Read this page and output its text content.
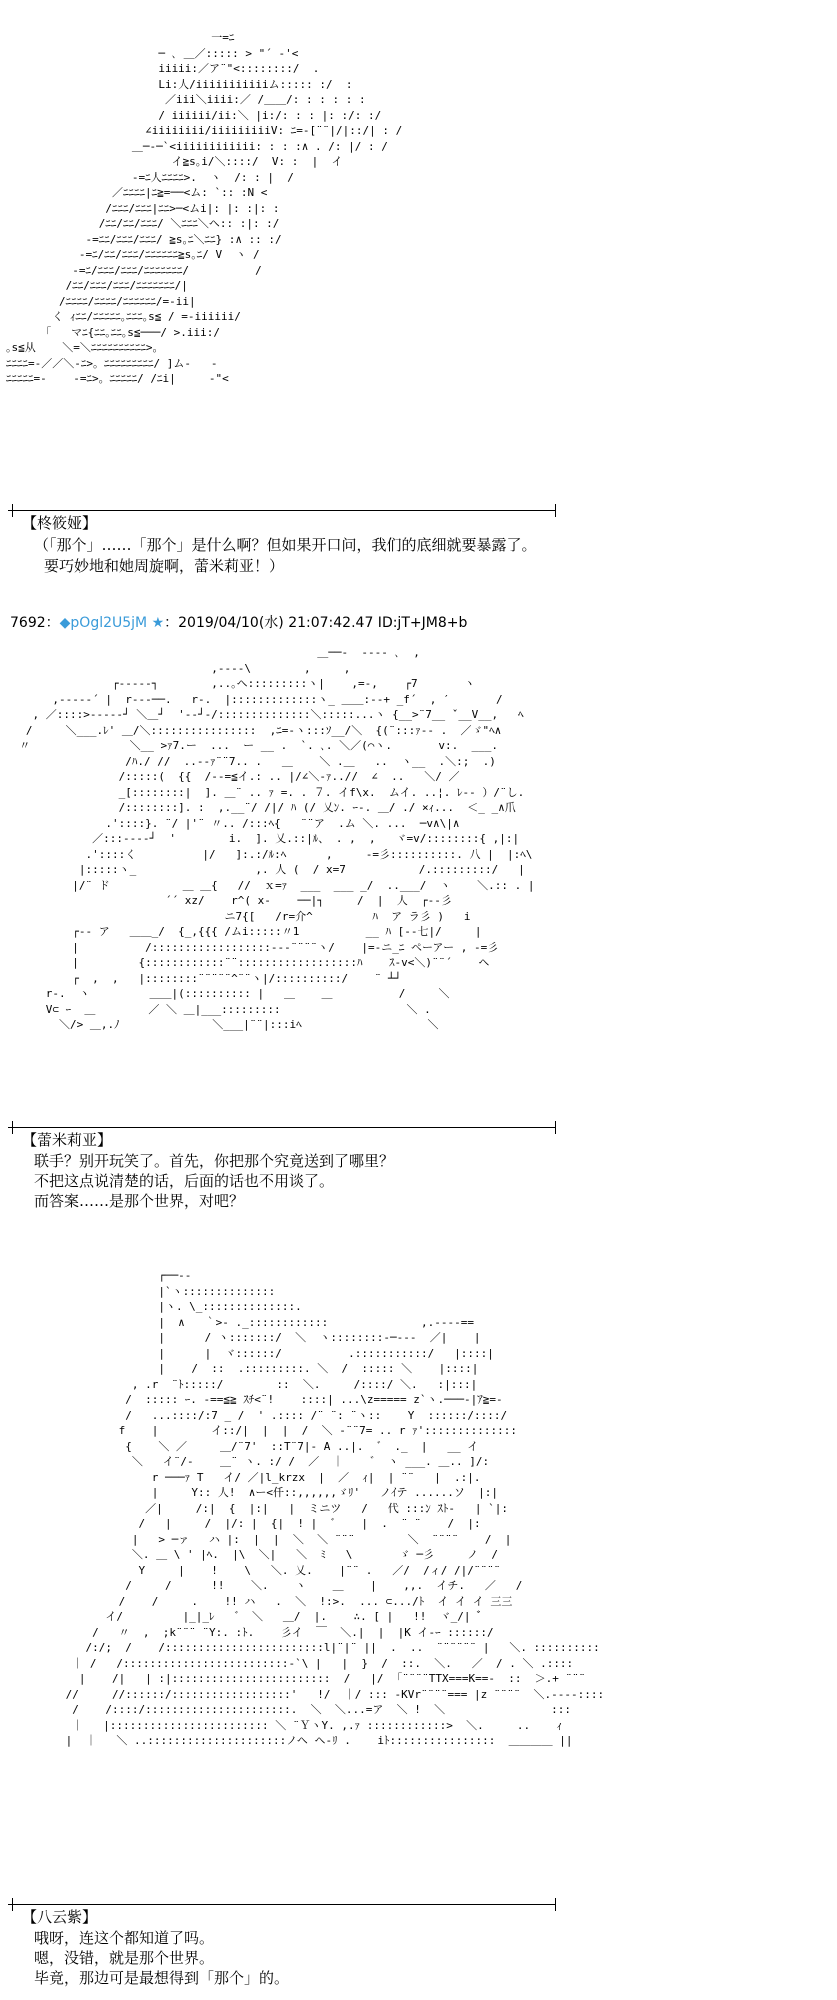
一=ﾆ
─ ､ ＿／::::: > "´ ‐'<
iiiii:／ア¨"<::::::::/  .
Li:人/iiiiiiiiiiiム::::: :/  :
／iii＼iiii:／ /＿＿/: : : : : :
/ iiiiii/ii:＼ |i:/: : : |: :/: :/
∠iiiiiiii/iiiiiiiiiV: ﾆ=-[¨¨|/|::/| : /
＿─‐─`<iiiiiiiiiiii: : : :∧ . /: |/ : /
イ≧s｡i/＼::::/  V: :  |  イ
-=ﾆ人ﾆﾆﾆﾆ>.  ヽ  /: : |  /
／ﾆﾆﾆﾆ|ﾆ≧=──<ム: `:: :N <
/ﾆﾆﾆ/ﾆﾆﾆ|ﾆﾆ>─<ムi|: |: :|: :
/ﾆﾆ/ﾆﾆ/ﾆﾆﾆ/ ＼ﾆﾆﾆ＼ヘ:: :|: :/
-=ﾆﾆ/ﾆﾆﾆ/ﾆﾆﾆ/ ≧s｡ﾆ＼ﾆﾆ} :∧ :: :/
-=ﾆ/ﾆﾆ/ﾆﾆﾆ/ﾆﾆﾆﾆﾆﾆ≧s｡ﾆ/ V  ヽ /
-=ﾆ/ﾆﾆﾆ/ﾆﾆﾆ/ﾆﾆﾆﾆﾆﾆﾆ/          /
/ﾆﾆ/ﾆﾆﾆ/ﾆﾆﾆ/ﾆﾆﾆﾆﾆﾆﾆ/|
/ﾆﾆﾆﾆ/ﾆﾆﾆﾆ/ﾆﾆﾆﾆﾆﾆ/=-ii|
く ｨﾆﾆ/ﾆﾆﾆﾆﾆ｡ﾆﾆﾆ｡s≦ / =-iiiiii/
｢   マﾆ{ﾆﾆ｡ﾆﾆ｡s≦───/ >.iii:/
｡s≦从    ＼=＼ﾆﾆﾆﾆﾆﾆﾆﾆﾆﾆ>。
ﾆﾆﾆﾆ=-／／＼-ﾆ>。ﾆﾆﾆﾆﾆﾆﾆﾆﾆ/ ]ム-   -
ﾆﾆﾆﾆﾆ=-    -=ﾆ>。ﾆﾆﾆﾆﾆ/ /ﾆi|     ‐"<
【柊筱娅】
（「那个」……「那个」是什么啊？但如果开口问，我们的底细就要暴露了。
要巧妙地和她周旋啊，蕾米莉亚！）
7692：◆pOgl2U5jM ★：2019/04/10(水) 21:07:42.47 ID:jT+JM8+b
＿──‐  ‐‐‐- ､  ,
,-‐-‐\        ,     ,
┌‐‐‐‐‐┐        ,..｡ヘ:::::::::ヽ|    ,=‐,    ┌7       ヽ
,‐‐‐‐‐´ |  r-‐-──.   r‐.  |:::::::::::::ヽ_ ＿＿:‐-+ _f´  , ′       /
, ／::::>-‐‐‐‐┘ ＼＿┘  '-‐┘‐/::::::::::::::＼:::::...ヽ {__>¨7__ ˇ__V__,   ﾍ
/     ＼___.ﾚ' ＿/＼::::::::::::::::  ,ﾆ=-ヽ:::ｿ__/＼  {(¨:::ｧ-‐ .  ／ゞ"ﾍ∧
〃               ＼__ >ｧ7.ー  ...  ー __ .  `. ､. ＼／(⌒ヽ.       v:.  ___.
/ﾊ./ //  ..-‐ｧ¨¨7.. .   ＿    ＼ .＿   ..  ヽ__  .＼:;  .)
/:::::(  {{  /‐-=≦イ.: .. |/∠＼-ｧ..//  ∠  ..   ＼/ ／
_[::::::::|  ]. ＿¨ .. ｧ =. . ７. イf\x.  ムイ. ..¦. ﾚ‐‐ ）/¨し.
/::::::::]. :  ,.__¨/ /|/ ﾊ (/ 乂ﾝ. ｰ-. ＿/ ./ ×ｨ...  ＜_ _∧爪
.'::::}. ¨/ |'¨ 〃.. /:::ﾍ{   ¨¨ア  .ム ＼. ...  ─v∧\|∧
／:::--‐‐┘  '        i.  ]. 乂.::|ﾙ、 . ,  ,   ヾ=v/::::::::{ ,|:|
.'::::く          |/   ]:.:/ﾙ:ﾍ      ,     -=彡::::::::::. 八 |  |:ﾍ\
|:::::ヽ_                  ,. 人 (  / x=7           /.:::::::::/   |
|/¨ ド           ＿ ＿{   //  ｘ=ｧ  ___  ___ _/  ..___/  ヽ    ＼.:: . |
´´ xz/    r^( x‐    ──|┐     /  |  人  ┌‐-彡
ニ7{[   /r=介^         ﾊ  ア ラ彡 )   i
┌‐‐ ア   ＿＿_/  {_,{{{ /ムi:::::〃1          __ ﾊ [‐-七|/     |
|          /::::::::::::::::::---¨¨¨¨ヽ/    |=‐ニ_ﾆ ペーアー , ‐=彡
|         {::::::::::::¨¨::::::::::::::::::ﾊ    ｽ‐v<＼)¨¨´    ヘ
┌  ,  ,   |::::::::¨¨¨¨¨^¨¨ヽ|/::::::::::/    ¨ ┴┘
r-.  ヽ         ＿＿|(:::::::::: |   ＿    ＿          /     ＼
V⊂ ｰ  ＿        ／ ＼ ＿|___:::::::::                   ＼ .
＼/> ＿,.ﾉ              ＼___|¨¨|:::iﾍ                   ＼
【蕾米莉亚】
联手？别开玩笑了。首先，你把那个究竟送到了哪里？
不把这点说清楚的话，后面的话也不用谈了。
而答案……是那个世界，对吧？
┌──‐-
|`ヽ::::::::::::::
|ヽ. \_::::::::::::::.
|  ∧   ｀>‐ ._::::::::::::              ,.‐-‐-==
|      / ヽ:::::::/  ＼  ヽ::::::::‐─-‐-  ／|    |
|      |  ヾ::::::/          .:::::::::::/   |::::|
|    /  ::  .:::::::::. ＼  /  ::::: ＼    |::::|
, .r  ¨ﾄ:::::/        ::  ＼.     /::::/ ＼.   :|:::|
/  ::::: ｰ. -==≦≧ ｽﾁ<¨!    ::::| ...\z===== z`ヽ.───-|ｱ≧=‐
/   ...::::/:7 _ /  ' .:::: /¨ ¨: ¨ヽ::    Y  ::::::/::::/
f    |        イ::/|  |  |  /  ＼ ‐¨¨7= .. r ｧ'::::::::::::::
{    ＼ ／     ＿/¨7'  ::T¨7|- A ..|.  ゛ ._  |   __ イ
＼   イ¨/‐    ＿¨ ヽ. :/ /  ／  ｜    ゛ ヽ ___. ＿.. ]/:
r ───ｧ T   イ/ ／|l_krzx  |  ／  ｨ|  | ¨¨   |  .:|.
|     Y:: 人!  ∧ー<仟::,,,,,,ゞﾘ'   ノｲテ ......ソ  |:|
／|     /:|  {  |:|   |  ミニツ   /   代 :::ﾝ ｽﾄ-   | `|:
/   |     /  |/: |  {|  ! |  ゛   |  .  ¨ ¨    /  |:
|   > ─ァ   ハ |:  |  |  ＼  ＼ ¨¨¨        ＼  ¨¨¨¨    /  |
＼. ＿ \ ' |ﾍ.  |\  ＼|   ＼  ﾐ   \       ゞ ─彡     ノ  /
Y     |    !    \   ＼. 乂.    |¨¨ .   ／/  /ィ/ /|/¨¨¨¨
/     /      !!    ＼.    ヽ    ＿    |    ,,.  イチ.   ／   /
/    /     .    !! ハ   .  ＼  !:>.  ... ⊂.../ﾄ  イ イ イ 三三
イ/         |_|_ﾚ   ゛ ＼   ＿/  |.    ∴. [ |   !!  ヾ_/|  ゙゙
/   〃  ,  ;k¨¨¨ ¨Y:. :ﾄ.    彡イ  ￣  ＼.|  |  |K イ-ｰ ::::::/
/:/;  /    /::::::::::::::::::::::::l|¨|¨ ||  .  ..  ¨¨¨¨¨¨ |   ＼. ::::::::::
｜ /   /:::::::::::::::::::::::::-`\ |   |  }  /  ::.  ＼.   ／  / . ＼ .::::
|    /|   | :|::::::::::::::::::::::::  /   |/  ｢¨¨¨¨TTX===K==‐  ::  ＞.+ ¨¨¨
//     //::::::/::::::::::::::::::'   !/  ｜/ ::: ‐KVr¨¨¨¨=== |z ¨¨¨¨  ＼.‐‐‐‐::::
/    /::::/::::::::::::::::::::::.  ＼  ＼...=ア  ＼ !  ＼                :::
｜   |:::::::::::::::::::::::: ＼ ¨ＹヽY. ,.ｧ ::::::::::::>  ＼.     ..    ｨ
|  ｜   ＼ ..:::::::::::::::::::::ノヘ ヘ-ﾘ .    iﾄ::::::::::::::::  ＿＿＿＿ ||
【八云紫】
哦呀，连这个都知道了吗。
嗯，没错，就是那个世界。
毕竟，那边可是最想得到「那个」的。
